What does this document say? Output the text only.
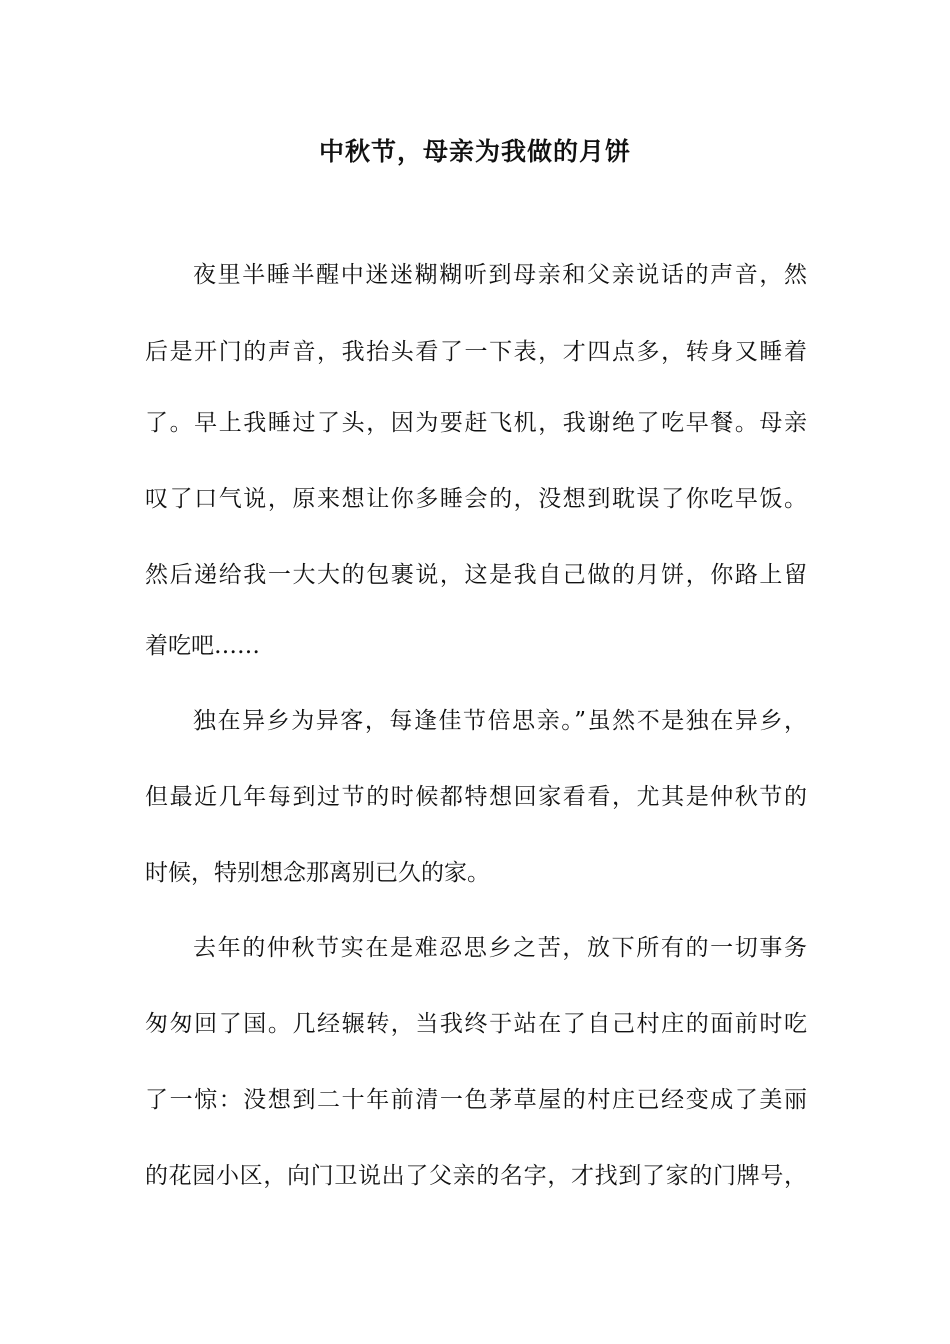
中秋节，母亲为我做的月饼
夜里半睡半醒中迷迷糊糊听到母亲和父亲说话的声音，然
后是开门的声音，我抬头看了一下表，才四点多，转身又睡着
了。早上我睡过了头，因为要赶飞机，我谢绝了吃早餐。母亲
叹了口气说，原来想让你多睡会的，没想到耽误了你吃早饭。
然后递给我一大大的包裹说，这是我自己做的月饼，你路上留
着吃吧……
独在异乡为异客，每逢佳节倍思亲。”虽然不是独在异乡，
但最近几年每到过节的时候都特想回家看看，尤其是仲秋节的
时候，特别想念那离别已久的家。
去年的仲秋节实在是难忍思乡之苦，放下所有的一切事务
匆匆回了国。几经辗转，当我终于站在了自己村庄的面前时吃
了一惊：没想到二十年前清一色茅草屋的村庄已经变成了美丽
的花园小区，向门卫说出了父亲的名字，才找到了家的门牌号，
